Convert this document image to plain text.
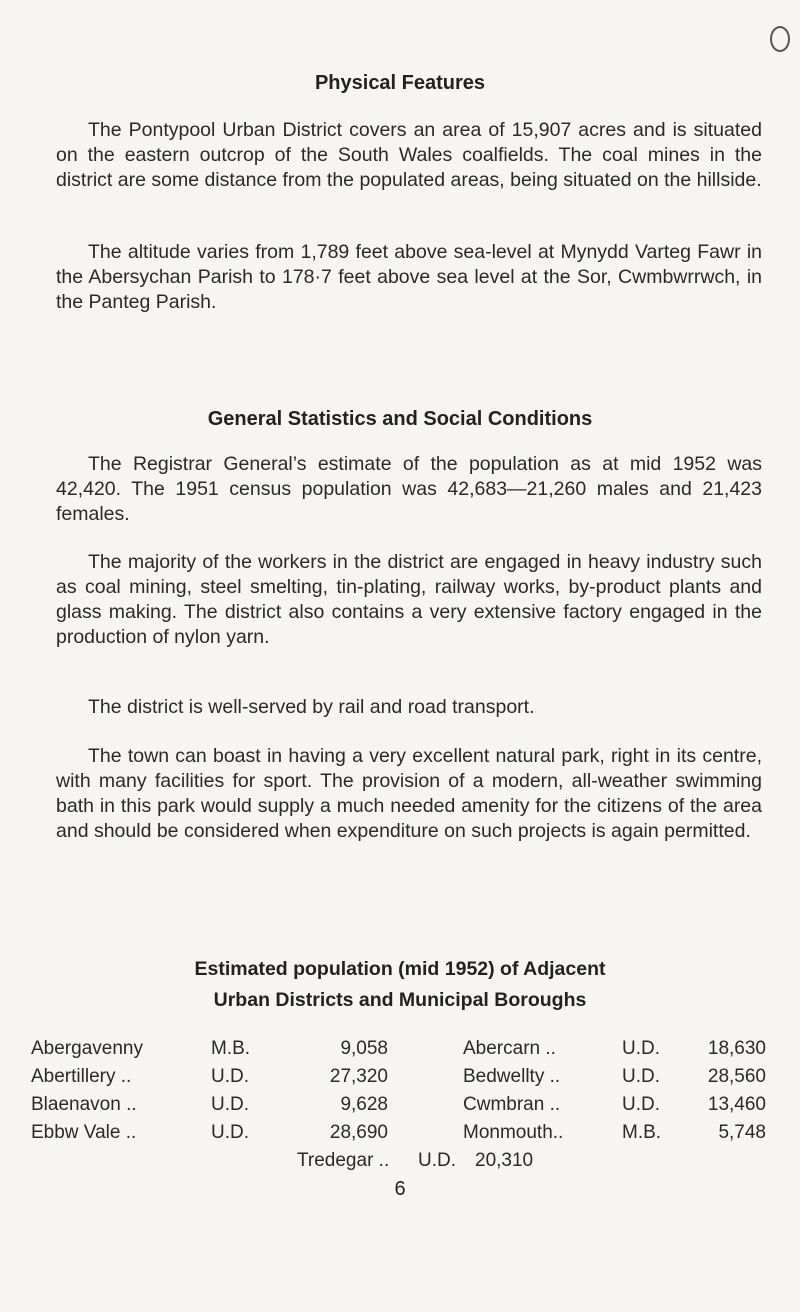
Physical Features

The Pontypool Urban District covers an area of 15,907 acres and is situated on the eastern outcrop of the South Wales coalfields. The coal mines in the district are some distance from the populated areas, being situated on the hillside.

The altitude varies from 1,789 feet above sea-level at Mynydd Varteg Fawr in the Abersychan Parish to 178·7 feet above sea level at the Sor, Cwmbwrrwch, in the Panteg Parish.

General Statistics and Social Conditions

The Registrar General’s estimate of the population as at mid 1952 was 42,420. The 1951 census population was 42,683—21,260 males and 21,423 females.

The majority of the workers in the district are engaged in heavy industry such as coal mining, steel smelting, tin-plating, railway works, by-product plants and glass making. The district also contains a very extensive factory engaged in the production of nylon yarn.

The district is well-served by rail and road transport.

The town can boast in having a very excellent natural park, right in its centre, with many facilities for sport. The provision of a modern, all-weather swimming bath in this park would supply a much needed amenity for the citizens of the area and should be considered when expenditure on such projects is again permitted.

Estimated population (mid 1952) of Adjacent
Urban Districts and Municipal Boroughs
Abergavenny	M.B.	9,058	Abercarn ..	U.D.	18,630
Abertillery ..	U.D.	27,320	Bedwellty ..	U.D.	28,560
Blaenavon ..	U.D.	9,628	Cwmbran ..	U.D.	13,460
Ebbw Vale ..	U.D.	28,690	Monmouth..	M.B.	5,748
Tredegar .. U.D. 20,310
6
